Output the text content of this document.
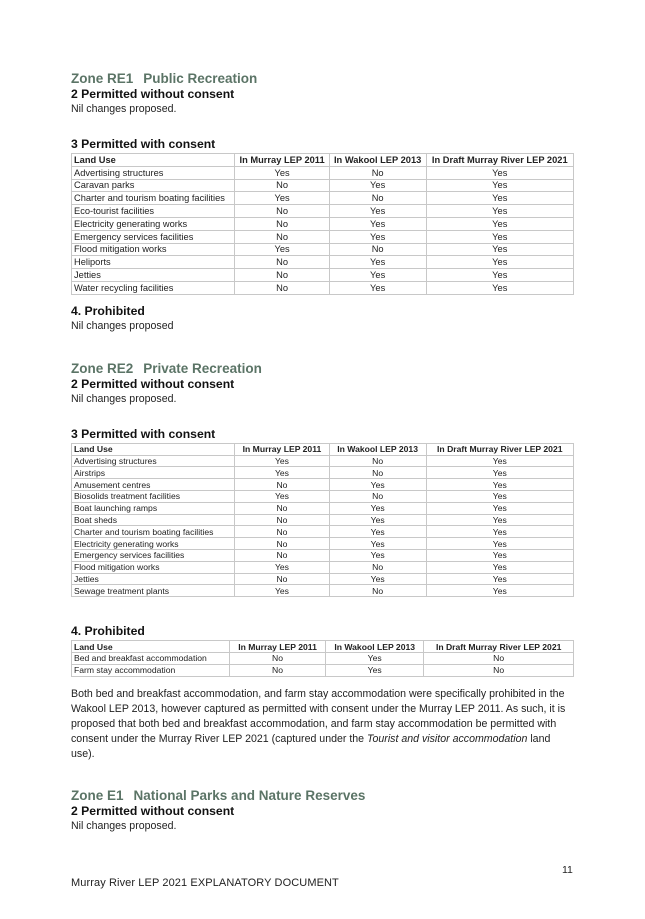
Zone RE1 Public Recreation

2 Permitted without consent

Nil changes proposed.

3 Permitted with consent

Land Use	In Murray LEP 2011	In Wakool LEP 2013	In Draft Murray River LEP 2021
Advertising structures	Yes	No	Yes
Caravan parks	No	Yes	Yes
Charter and tourism boating facilities	Yes	No	Yes
Eco-tourist facilities	No	Yes	Yes
Electricity generating works	No	Yes	Yes
Emergency services facilities	No	Yes	Yes
Flood mitigation works	Yes	No	Yes
Heliports	No	Yes	Yes
Jetties	No	Yes	Yes
Water recycling facilities	No	Yes	Yes

4. Prohibited

Nil changes proposed

Zone RE2 Private Recreation

2 Permitted without consent

Nil changes proposed.

3 Permitted with consent

Land Use	In Murray LEP 2011	In Wakool LEP 2013	In Draft Murray River LEP 2021
Advertising structures	Yes	No	Yes
Airstrips	Yes	No	Yes
Amusement centres	No	Yes	Yes
Biosolids treatment facilities	Yes	No	Yes
Boat launching ramps	No	Yes	Yes
Boat sheds	No	Yes	Yes
Charter and tourism boating facilities	No	Yes	Yes
Electricity generating works	No	Yes	Yes
Emergency services facilities	No	Yes	Yes
Flood mitigation works	Yes	No	Yes
Jetties	No	Yes	Yes
Sewage treatment plants	Yes	No	Yes

4. Prohibited

Land Use	In Murray LEP 2011	In Wakool LEP 2013	In Draft Murray River LEP 2021
Bed and breakfast accommodation	No	Yes	No
Farm stay accommodation	No	Yes	No

Both bed and breakfast accommodation, and farm stay accommodation were specifically prohibited in the Wakool LEP 2013, however captured as permitted with consent under the Murray LEP 2011. As such, it is proposed that both bed and breakfast accommodation, and farm stay accommodation be permitted with consent under the Murray River LEP 2021 (captured under the Tourist and visitor accommodation land use).

Zone E1 National Parks and Nature Reserves

2 Permitted without consent

Nil changes proposed.

11
Murray River LEP 2021 EXPLANATORY DOCUMENT
